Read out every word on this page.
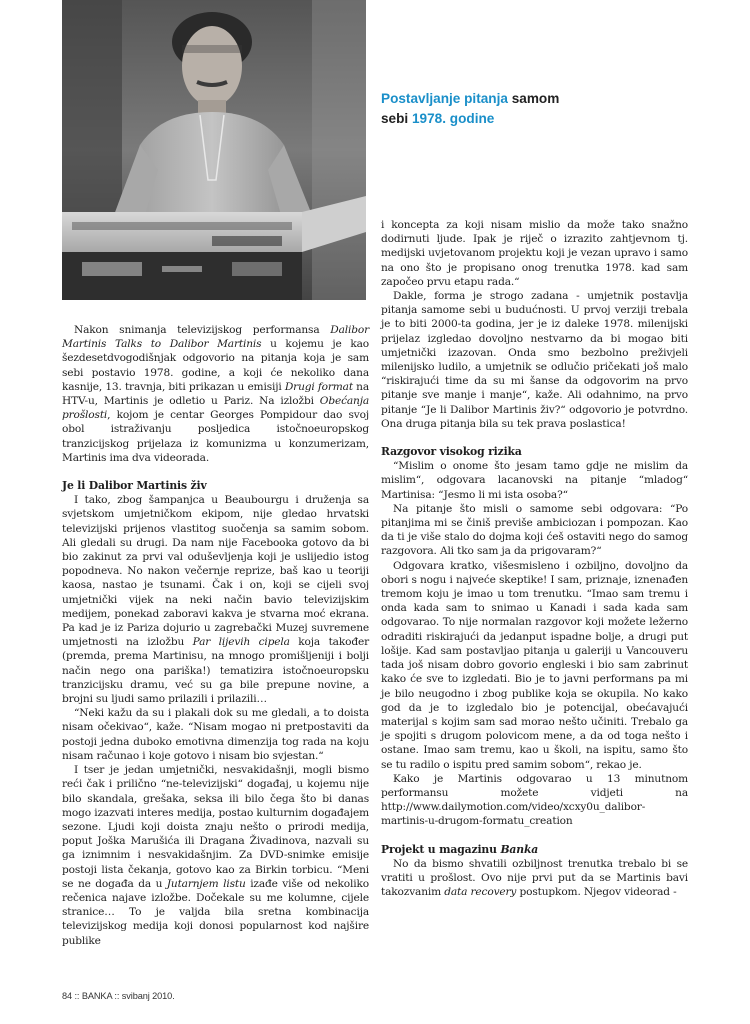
Postavljanje pitanja samom
sebi 1978. godine

Nakon snimanja televizijskog performansa Dalibor Martinis Talks to Dalibor Martinis u kojemu je kao šezdesetdvogodišnjak odgovorio na pitanja koja je sam sebi postavio 1978. godine, a koji će nekoliko dana kasnije, 13. travnja, biti prikazan u emisiji Drugi format na HTV-u, Martinis je odletio u Pariz. Na izložbi Obećanja prošlosti, kojom je centar Georges Pompidour dao svoj obol istraživanju posljedica istočnoeuropskog tranzicijskog prijelaza iz komunizma u konzumerizam, Martinis ima dva videorada.

Je li Dalibor Martinis živ

I tako, zbog šampanjca u Beaubourgu i druženja sa svjetskom umjetničkom ekipom, nije gledao hrvatski televizijski prijenos vlastitog suočenja sa samim sobom. Ali gledali su drugi. Da nam nije Facebooka gotovo da bi bio zakinut za prvi val oduševljenja koji je uslijedio istog popodneva. No nakon večernje reprize, baš kao u teoriji kaosa, nastao je tsunami. Čak i on, koji se cijeli svoj umjetnički vijek na neki način bavio televizijskim medijem, ponekad zaboravi kakva je stvarna moć ekrana. Pa kad je iz Pariza dojurio u zagrebački Muzej suvremene umjetnosti na izložbu Par lijevih cipela koja također (premda, prema Martinisu, na mnogo promišljeniji i bolji način nego ona pariška!) tematizira istočnoeuropsku tranzicijsku dramu, već su ga bile prepune novine, a brojni su ljudi samo prilazili i prilazili…

“Neki kažu da su i plakali dok su me gledali, a to doista nisam očekivao“, kaže. “Nisam mogao ni pretpostaviti da postoji jedna duboko emotivna dimenzija tog rada na koju nisam računao i koje gotovo i nisam bio svjestan.“

I tser je jedan umjetnički, nesvakidašnji, mogli bismo reći čak i prilično “ne-televizijski“ događaj, u kojemu nije bilo skandala, grešaka, seksa ili bilo čega što bi danas mogo izazvati interes medija, postao kulturnim događajem sezone. Ljudi koji doista znaju nešto o prirodi medija, poput Joška Marušića ili Dragana Živadinova, nazvali su ga iznimnim i nesvakidašnjim. Za DVD-snimke emisije postoji lista čekanja, gotovo kao za Birkin torbicu. “Meni se ne događa da u Jutarnjem listu izađe više od nekoliko rečenica najave izložbe. Dočekale su me kolumne, cijele stranice… To je valjda bila sretna kombinacija televizijskog medija koji donosi popularnost kod najšire publike

i koncepta za koji nisam mislio da može tako snažno dodirnuti ljude. Ipak je riječ o izrazito zahtjevnom tj. medijski uvjetovanom projektu koji je vezan upravo i samo na ono što je propisano onog trenutka 1978. kad sam započeo prvu etapu rada.“

Dakle, forma je strogo zadana - umjetnik postavlja pitanja samome sebi u budućnosti. U prvoj verziji trebala je to biti 2000-ta godina, jer je iz daleke 1978. milenijski prijelaz izgledao dovoljno nestvarno da bi mogao biti umjetnički izazovan. Onda smo bezbolno preživjeli milenijsko ludilo, a umjetnik se odlučio pričekati još malo “riskirajući time da su mi šanse da odgovorim na prvo pitanje sve manje i manje“, kaže. Ali odahnimo, na prvo pitanje “Je li Dalibor Martinis živ?“ odgovorio je potvrdno. Ona druga pitanja bila su tek prava poslastica!

Razgovor visokog rizika

“Mislim o onome što jesam tamo gdje ne mislim da mislim“, odgovara lacanovski na pitanje “mladog“ Martinisa: “Jesmo li mi ista osoba?“

Na pitanje što misli o samome sebi odgovara: “Po pitanjima mi se činiš previše ambiciozan i pompozan. Kao da ti je više stalo do dojma koji ćeš ostaviti nego do samog razgovora. Ali tko sam ja da prigovaram?“

Odgovara kratko, višesmisleno i ozbiljno, dovoljno da obori s nogu i najveće skeptike! I sam, priznaje, iznenađen tremom koju je imao u tom trenutku. “Imao sam tremu i onda kada sam to snimao u Kanadi i sada kada sam odgovarao. To nije normalan razgovor koji možete ležerno odraditi riskirajući da jedanput ispadne bolje, a drugi put lošije. Kad sam postavljao pitanja u galeriji u Vancouveru tada još nisam dobro govorio engleski i bio sam zabrinut kako će sve to izgledati. Bio je to javni performans pa mi je bilo neugodno i zbog publike koja se okupila. No kako god da je to izgledalo bio je potencijal, obećavajući materijal s kojim sam sad morao nešto učiniti. Trebalo ga je spojiti s drugom polovicom mene, a da od toga nešto i ostane. Imao sam tremu, kao u školi, na ispitu, samo što se tu radilo o ispitu pred samim sobom“, rekao je.

Kako je Martinis odgovarao u 13 minutnom performansu možete vidjeti na http://www.dailymotion.com/video/xcxy0u_dalibor-martinis-u-drugom-formatu_creation

Projekt u magazinu Banka

No da bismo shvatili ozbiljnost trenutka trebalo bi se vratiti u prošlost. Ovo nije prvi put da se Martinis bavi takozvanim data recovery postupkom. Njegov videorad -

84 :: BANKA :: svibanj 2010.
